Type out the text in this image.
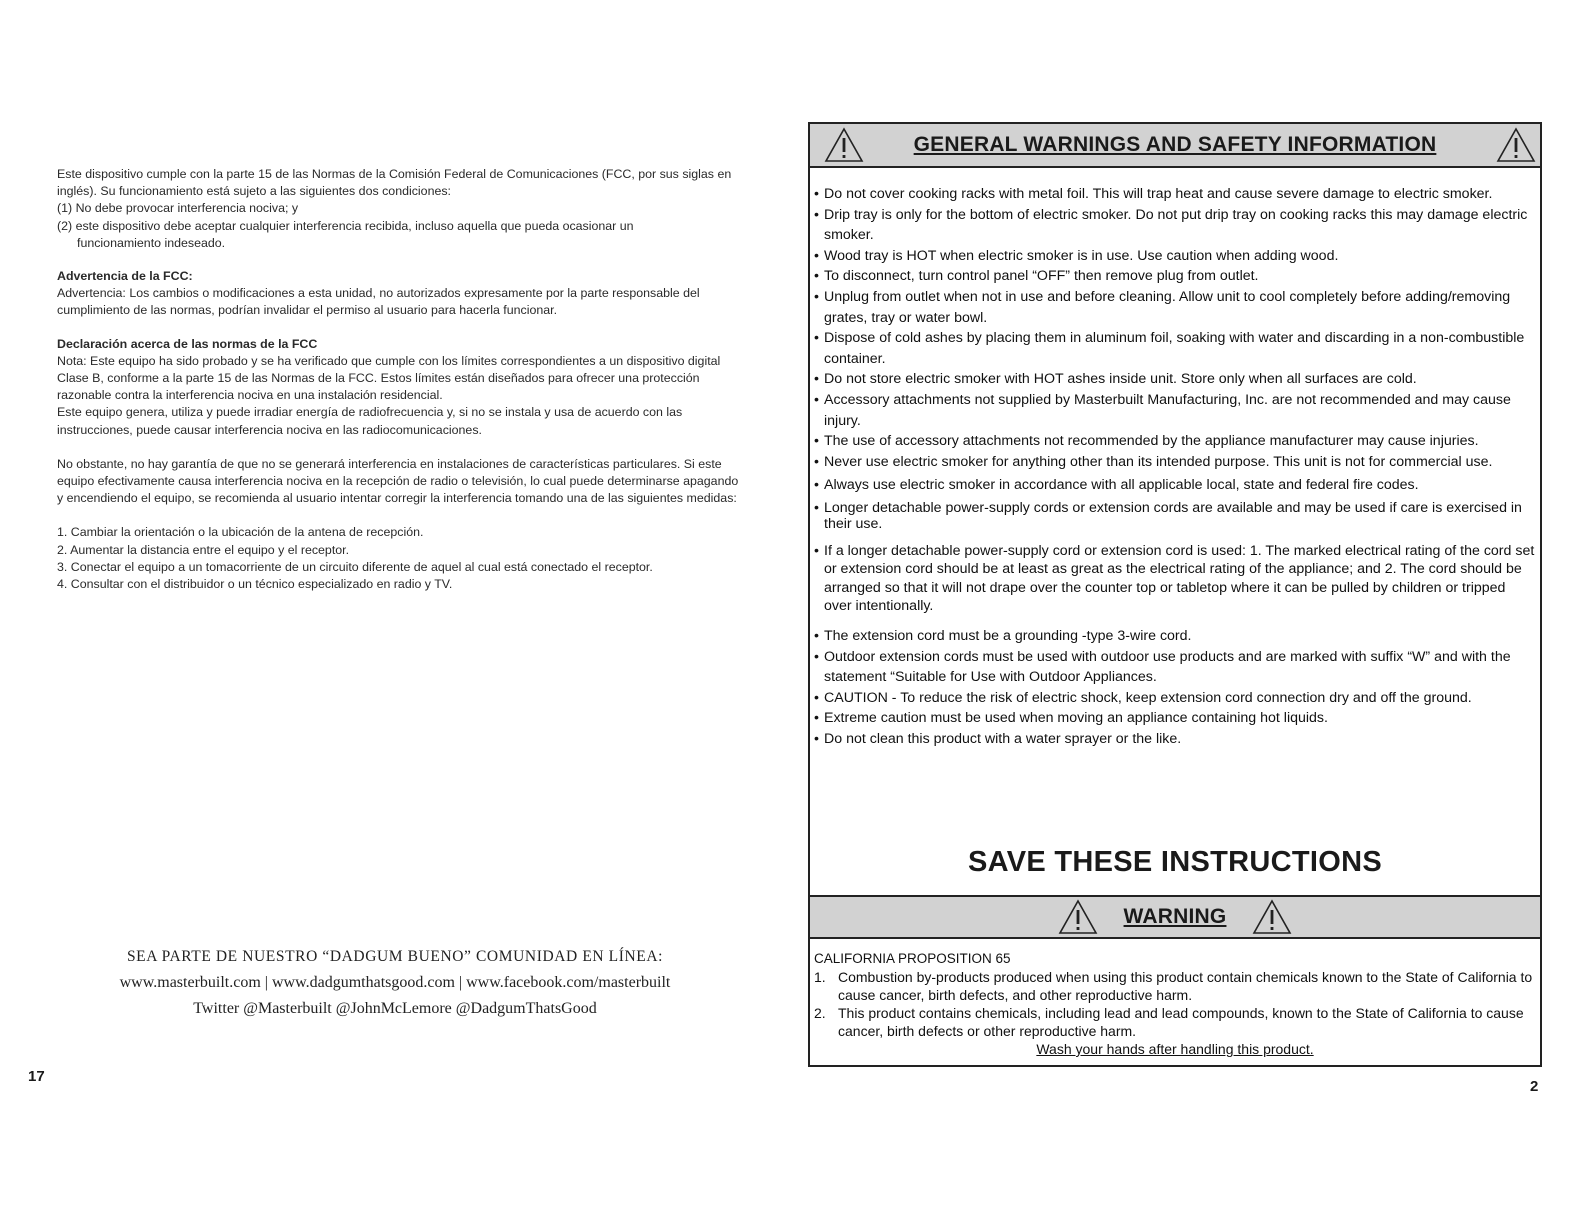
Este dispositivo cumple con la parte 15 de las Normas de la Comisión Federal de Comunicaciones (FCC, por sus siglas en inglés). Su funcionamiento está sujeto a las siguientes dos condiciones:

(1) No debe provocar interferencia nociva; y
(2) este dispositivo debe aceptar cualquier interferencia recibida, incluso aquella que pueda ocasionar un
funcionamiento indeseado.

Advertencia de la FCC:

Advertencia: Los cambios o modificaciones a esta unidad, no autorizados expresamente por la parte responsable del cumplimiento de las normas, podrían invalidar el permiso al usuario para hacerla funcionar.

Declaración acerca de las normas de la FCC

Nota: Este equipo ha sido probado y se ha verificado que cumple con los límites correspondientes a un dispositivo digital Clase B, conforme a la parte 15 de las Normas de la FCC. Estos límites están diseñados para ofrecer una protección razonable contra la interferencia nociva en una instalación residencial.

Este equipo genera, utiliza y puede irradiar energía de radiofrecuencia y, si no se instala y usa de acuerdo con las instrucciones, puede causar interferencia nociva en las radiocomunicaciones.

No obstante, no hay garantía de que no se generará interferencia en instalaciones de características particulares. Si este equipo efectivamente causa interferencia nociva en la recepción de radio o televisión, lo cual puede determinarse apagando y encendiendo el equipo, se recomienda al usuario intentar corregir la interferencia tomando una de las siguientes medidas:

1. Cambiar la orientación o la ubicación de la antena de recepción.
2. Aumentar la distancia entre el equipo y el receptor.
3. Conectar el equipo a un tomacorriente de un circuito diferente de aquel al cual está conectado el receptor.
4. Consultar con el distribuidor o un técnico especializado en radio y TV.
SEA PARTE DE NUESTRO “DADGUM BUENO” COMUNIDAD EN LÍNEA:
www.masterbuilt.com | www.dadgumthatsgood.com | www.facebook.com/masterbuilt
Twitter @Masterbuilt @JohnMcLemore @DadgumThatsGood
17
GENERAL WARNINGS AND SAFETY INFORMATION
• Do not cover cooking racks with metal foil. This will trap heat and cause severe damage to electric smoker.
• Drip tray is only for the bottom of electric smoker. Do not put drip tray on cooking racks this may damage electric smoker.
• Wood tray is HOT when electric smoker is in use. Use caution when adding wood.
• To disconnect, turn control panel “OFF” then remove plug from outlet.
• Unplug from outlet when not in use and before cleaning. Allow unit to cool completely before adding/removing grates, tray or water bowl.
• Dispose of cold ashes by placing them in aluminum foil, soaking with water and discarding in a non-combustible container.
• Do not store electric smoker with HOT ashes inside unit. Store only when all surfaces are cold.
• Accessory attachments not supplied by Masterbuilt Manufacturing, Inc. are not recommended and may cause injury.
• The use of accessory attachments not recommended by the appliance manufacturer may cause injuries.
• Never use electric smoker for anything other than its intended purpose. This unit is not for commercial use.
• Always use electric smoker in accordance with all applicable local, state and federal fire codes.
• Longer detachable power-supply cords or extension cords are available and may be used if care is exercised in their use.
• If a longer detachable power-supply cord or extension cord is used: 1. The marked electrical rating of the cord set or extension cord should be at least as great as the electrical rating of the appliance; and 2. The cord should be arranged so that it will not drape over the counter top or tabletop where it can be pulled by children or tripped over intentionally.
• The extension cord must be a grounding -type 3-wire cord.
• Outdoor extension cords must be used with outdoor use products and are marked with suffix “W” and with the statement “Suitable for Use with Outdoor Appliances.
• CAUTION - To reduce the risk of electric shock, keep extension cord connection dry and off the ground.
• Extreme caution must be used when moving an appliance containing hot liquids.
• Do not clean this product with a water sprayer or the like.
SAVE THESE INSTRUCTIONS
WARNING
CALIFORNIA PROPOSITION 65
1. Combustion by-products produced when using this product contain chemicals known to the State of California to cause cancer, birth defects, and other reproductive harm.
2. This product contains chemicals, including lead and lead compounds, known to the State of California to cause cancer, birth defects or other reproductive harm.
Wash your hands after handling this product.
2
